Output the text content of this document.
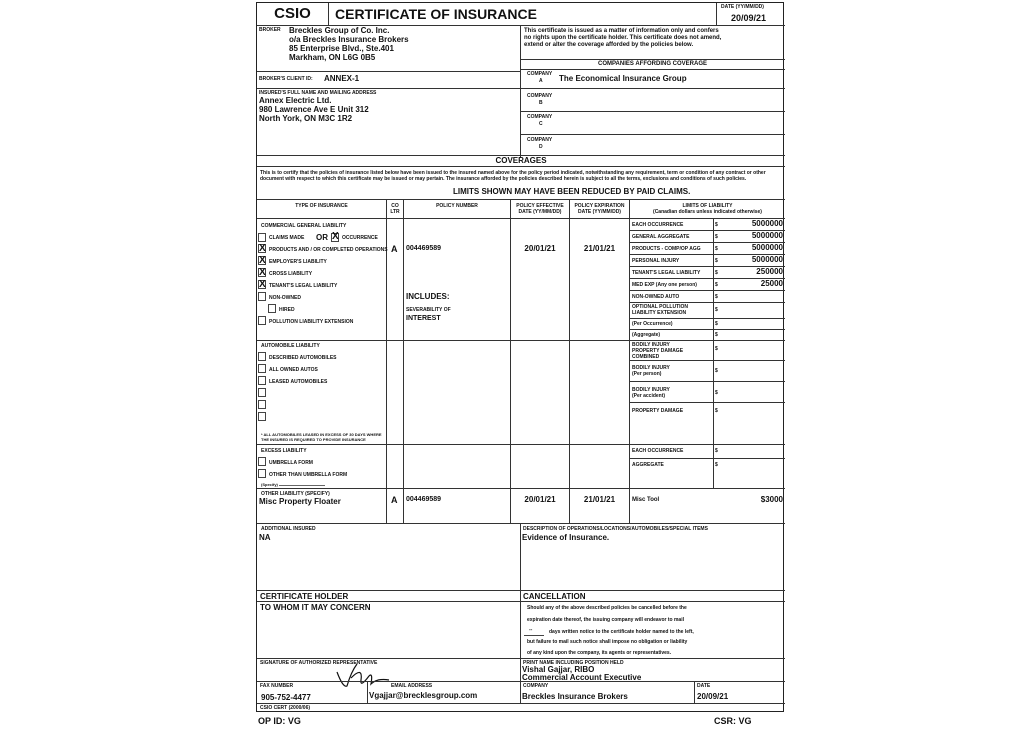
CSIO	CERTIFICATE OF INSURANCE	DATE (YY/MM/DD)
20/09/21
BROKER Breckles Group of Co. Inc.
o/a Breckles Insurance Brokers
85 Enterprise Blvd., Ste.401
Markham, ON L6G 0B5
This certificate is issued as a matter of information only and confers
no rights upon the certificate holder. This certificate does not amend,
extend or alter the coverage afforded by the policies below.
COMPANIES AFFORDING COVERAGE
COMPANY
A The Economical Insurance Group
COMPANY
B
COMPANY
C
COMPANY
D
BROKER'S CLIENT ID: ANNEX-1
INSURED'S FULL NAME AND MAILING ADDRESS
Annex Electric Ltd.
980 Lawrence Ave E Unit 312
North York, ON M3C 1R2
COVERAGES
This is to certify that the policies of insurance listed below have been issued to the insured named above for the policy period indicated, notwithstanding any requirement, term or condition of any contract or other document with respect to which this certificate may be issued or may pertain. The insurance afforded by the policies described herein is subject to all the terms, exclusions and conditions of such policies.
LIMITS SHOWN MAY HAVE BEEN REDUCED BY PAID CLAIMS.
TYPE OF INSURANCE	CO
LTR
POLICY NUMBER	POLICY EFFECTIVE
DATE (YY/MM/DD)
POLICY EXPIRATION
DATE (YY/MM/DD)
LIMITS OF LIABILITY
(Canadian dollars unless indicated otherwise)
COMMERCIAL GENERAL LIABILITY
CLAIMS MADE OR X OCCURRENCE
X PRODUCTS AND / OR COMPLETED OPERATIONS
X EMPLOYER'S LIABILITY
X CROSS LIABILITY
X TENANT'S LEGAL LIABILITY
NON-OWNED
HIRED
POLLUTION LIABILITY EXTENSION
A 004469589
INCLUDES:
SEVERABILITY OF
INTEREST
20/01/21	21/01/21
EACH OCCURRENCE	$	5000000
GENERAL AGGREGATE	$	5000000
PRODUCTS - COMP/OP AGG	$	5000000
PERSONAL INJURY	$	5000000
TENANT'S LEGAL LIABILITY	$	250000
MED EXP (Any one person)	$	25000
NON-OWNED AUTO	$
OPTIONAL POLLUTION
LIABILITY EXTENSION	$
(Per Occurrence)	$
(Aggregate)	$
AUTOMOBILE LIABILITY
DESCRIBED AUTOMOBILES
ALL OWNED AUTOS
LEASED AUTOMOBILES
* ALL AUTOMOBILES LEASED IN EXCESS OF 30 DAYS WHERE
THE INSURED IS REQUIRED TO PROVIDE INSURANCE
BODILY INJURY
PROPERTY DAMAGE
COMBINED
$
BODILY INJURY
(Per person)	$
BODILY INJURY
(Per accident)	$
PROPERTY DAMAGE	$
EXCESS LIABILITY
UMBRELLA FORM
OTHER THAN UMBRELLA FORM
(Specify)
EACH OCCURRENCE	$
AGGREGATE	$
OTHER LIABILITY (SPECIFY)
Misc Property Floater	A 004469589	20/01/21	21/01/21	Misc Tool	$3000
ADDITIONAL INSURED
NA
DESCRIPTION OF OPERATIONS/LOCATIONS/AUTOMOBILES/SPECIAL ITEMS
Evidence of Insurance.
CERTIFICATE HOLDER
TO WHOM IT MAY CONCERN
CANCELLATION
Should any of the above described policies be cancelled before the
expiration date thereof, the issuing company will endeavor to mail
--	days written notice to the certificate holder named to the left,
but failure to mail such notice shall impose no obligation or liability
of any kind upon the company, its agents or representatives.
SIGNATURE OF AUTHORIZED REPRESENTATIVE	PRINT NAME INCLUDING POSITION HELD
Vishal Gajjar, RIBO
Commercial Account Executive
FAX NUMBER
905-752-4477
EMAIL ADDRESS
Vgajjar@brecklesgroup.com
COMPANY
Breckles Insurance Brokers
DATE
20/09/21
CSIO CERT (2000/06)
OP ID: VG	CSR: VG
